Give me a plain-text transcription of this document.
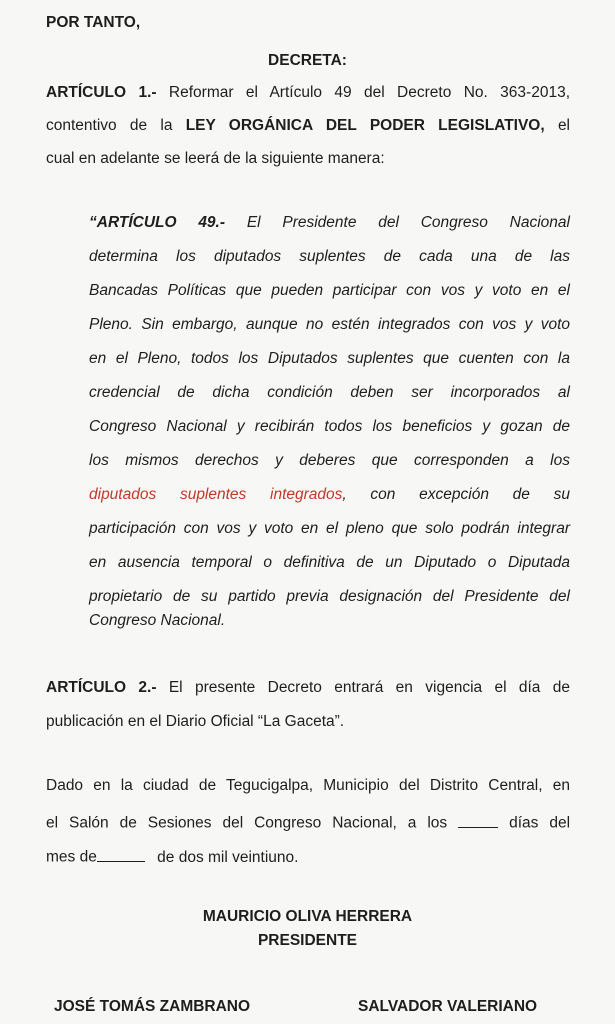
POR TANTO,
DECRETA:
ARTÍCULO 1.- Reformar el Artículo 49 del Decreto No. 363-2013,
contentivo de la LEY ORGÁNICA DEL PODER LEGISLATIVO, el
cual en adelante se leerá de la siguiente manera:
“ARTÍCULO 49.- El Presidente del Congreso Nacional
determina los diputados suplentes de cada una de las
Bancadas Políticas que pueden participar con vos y voto en el
Pleno. Sin embargo, aunque no estén integrados con vos y voto
en el Pleno, todos los Diputados suplentes que cuenten con la
credencial de dicha condición deben ser incorporados al
Congreso Nacional y recibirán todos los beneficios y gozan de
los mismos derechos y deberes que corresponden a los
diputados suplentes integrados, con excepción de su
participación con vos y voto en el pleno que solo podrán integrar
en ausencia temporal o definitiva de un Diputado o Diputada
propietario de su partido previa designación del Presidente del
Congreso Nacional.
ARTÍCULO 2.- El presente Decreto entrará en vigencia el día de
publicación en el Diario Oficial “La Gaceta”.
Dado en la ciudad de Tegucigalpa, Municipio del Distrito Central, en
el Salón de Sesiones del Congreso Nacional, a los	días del
mes de	de dos mil veintiuno.
MAURICIO OLIVA HERRERA
PRESIDENTE
JOSÉ TOMÁS ZAMBRANO	SALVADOR VALERIANO
